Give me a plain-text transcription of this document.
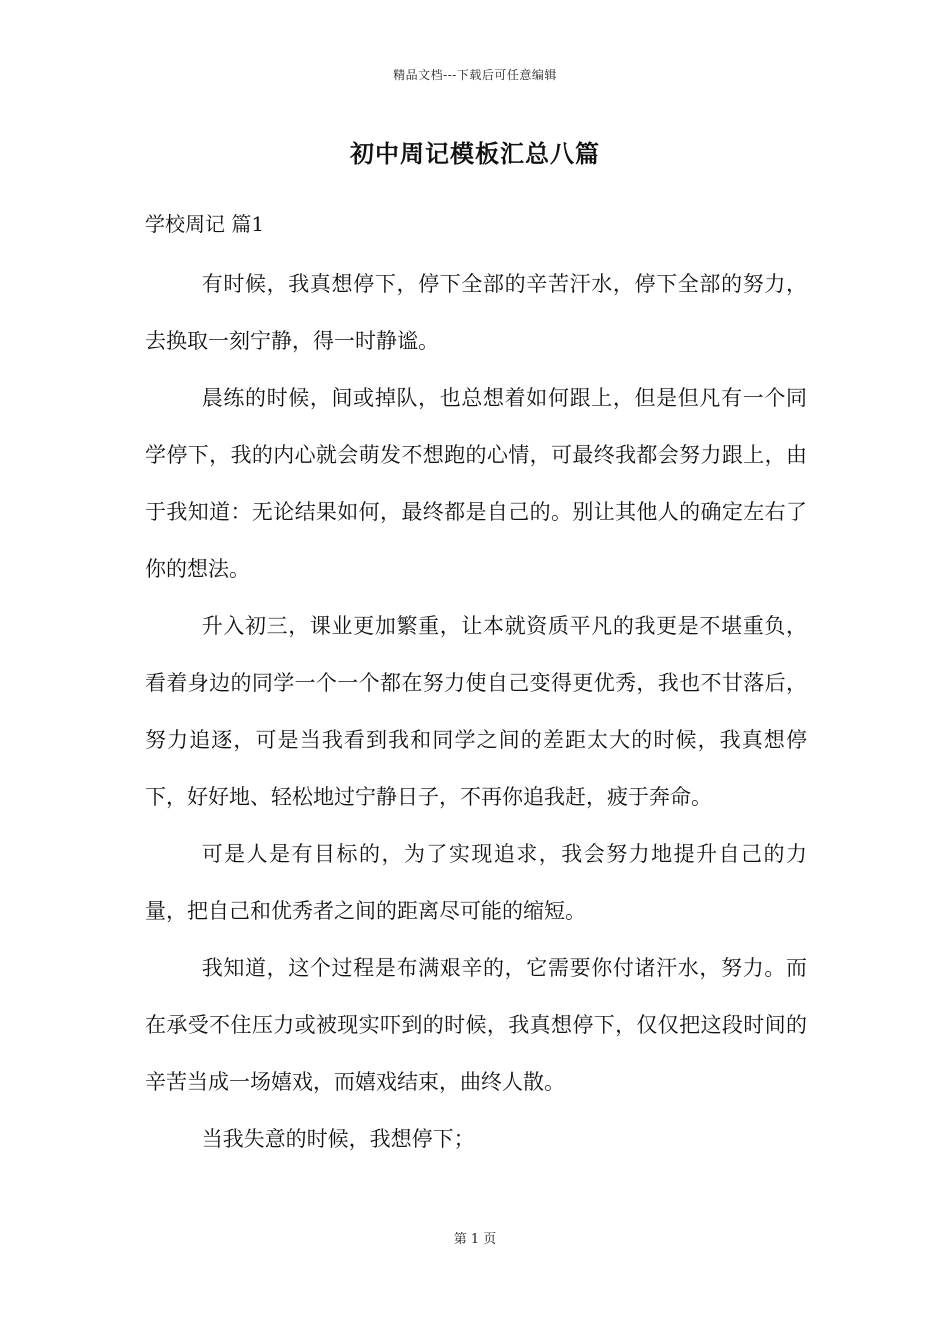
精品文档---下载后可任意编辑
初中周记模板汇总八篇
学校周记 篇1

有时候，我真想停下，停下全部的辛苦汗水，停下全部的努力，去换取一刻宁静，得一时静谧。

晨练的时候，间或掉队，也总想着如何跟上，但是但凡有一个同学停下，我的内心就会萌发不想跑的心情，可最终我都会努力跟上，由于我知道：无论结果如何，最终都是自己的。别让其他人的确定左右了你的想法。

升入初三，课业更加繁重，让本就资质平凡的我更是不堪重负，看着身边的同学一个一个都在努力使自己变得更优秀，我也不甘落后，努力追逐，可是当我看到我和同学之间的差距太大的时候，我真想停下，好好地、轻松地过宁静日子，不再你追我赶，疲于奔命。

可是人是有目标的，为了实现追求，我会努力地提升自己的力量，把自己和优秀者之间的距离尽可能的缩短。

我知道，这个过程是布满艰辛的，它需要你付诸汗水，努力。而在承受不住压力或被现实吓到的时候，我真想停下，仅仅把这段时间的辛苦当成一场嬉戏，而嬉戏结束，曲终人散。

当我失意的时候，我想停下；

第 1 页
